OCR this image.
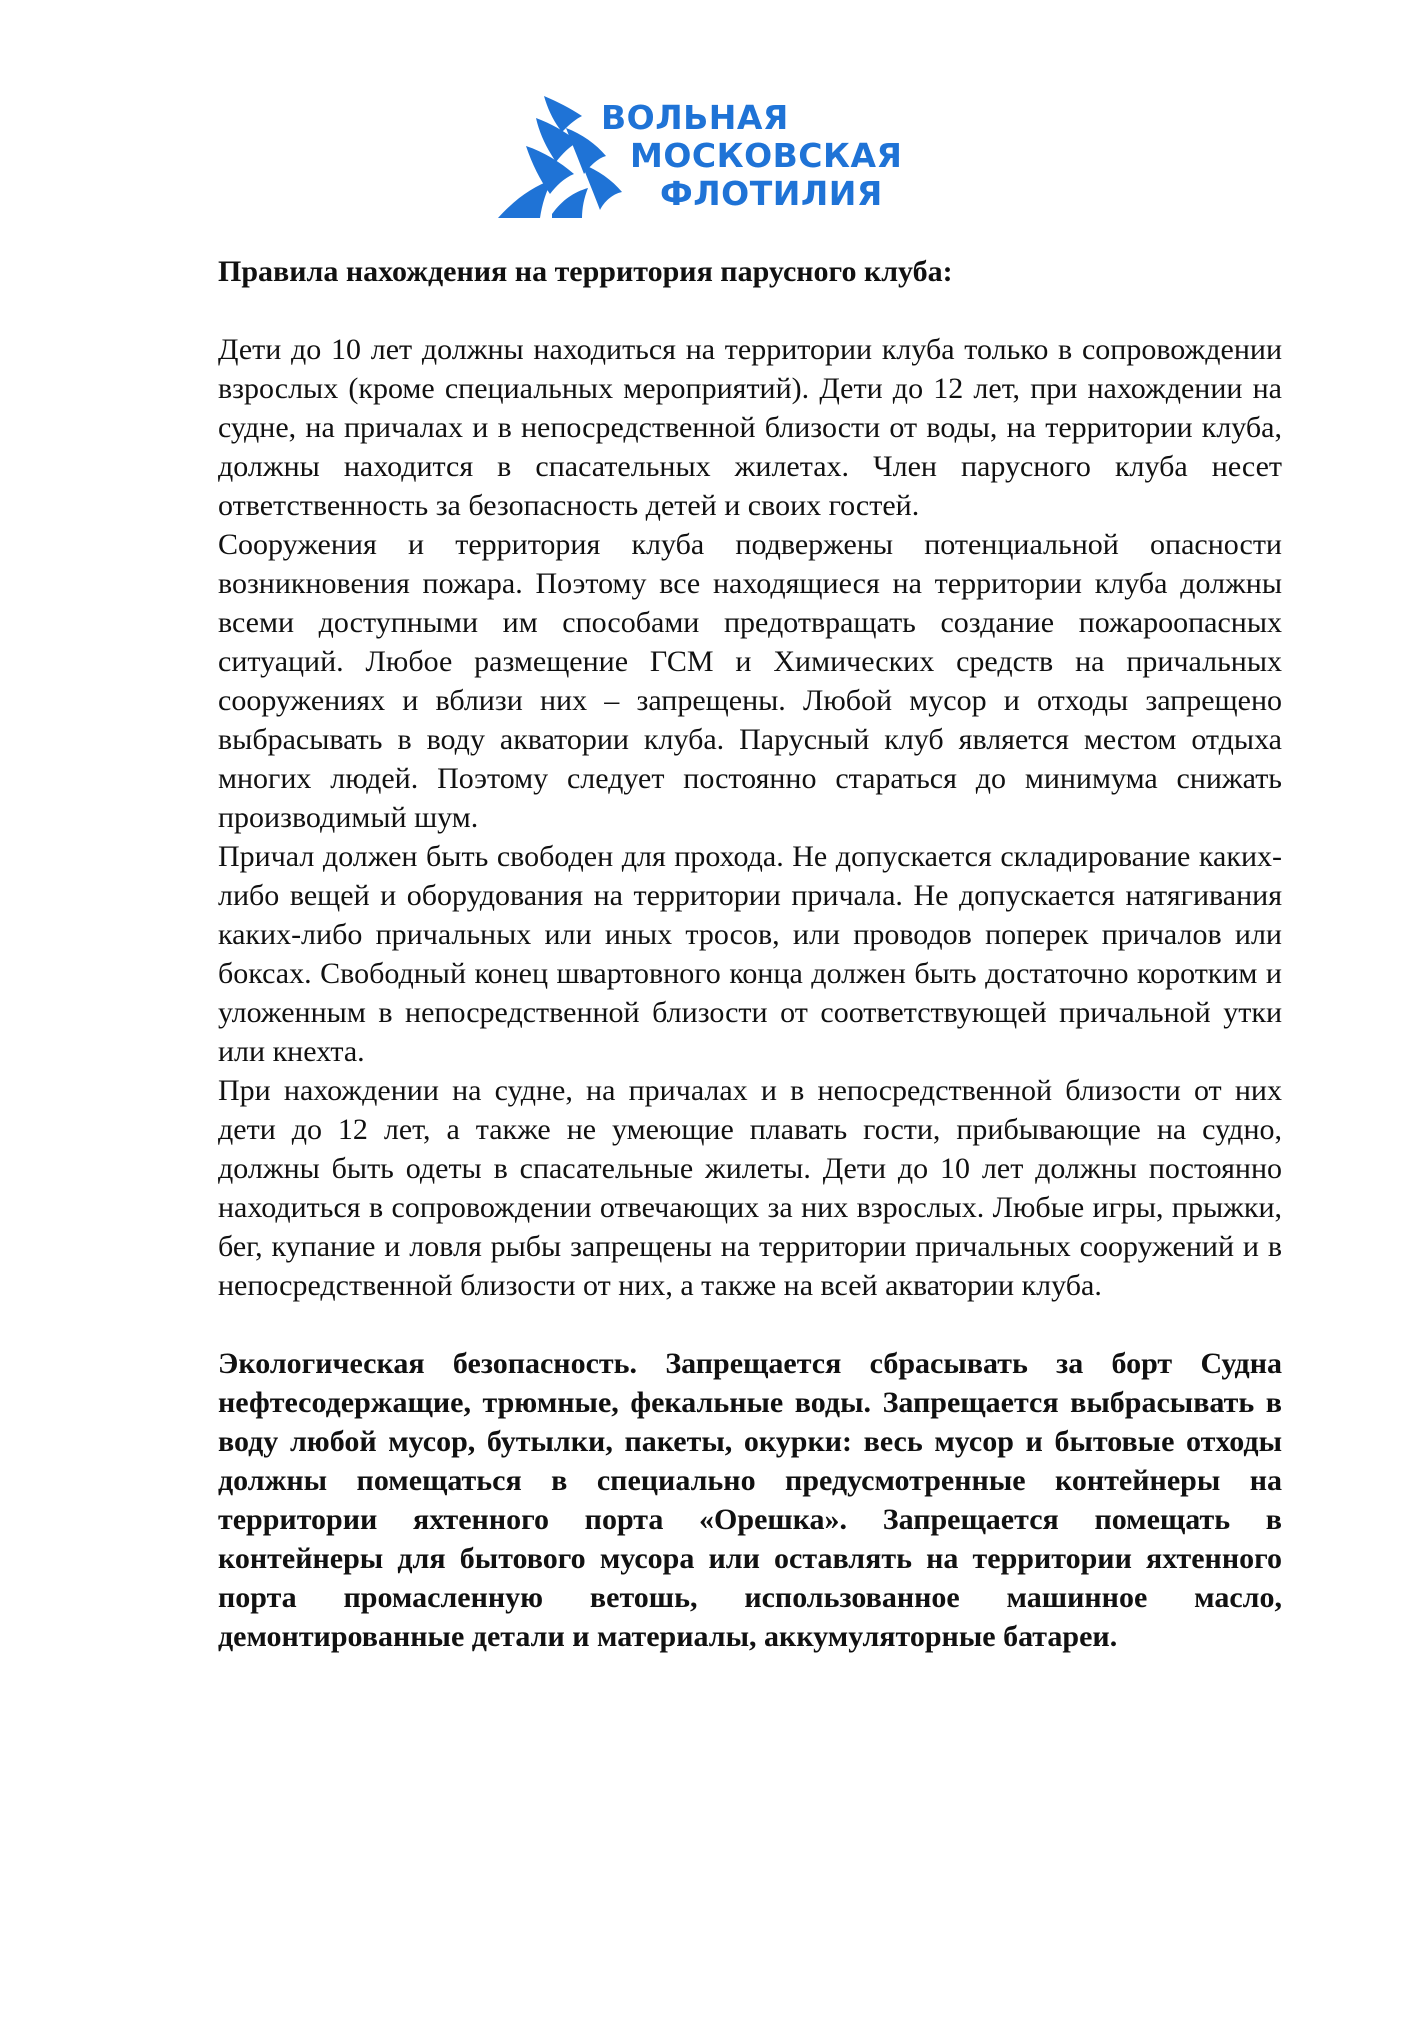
ВОЛЬНАЯ
МОСКОВСКАЯ
ФЛОТИЛИЯ

Правила нахождения на территория парусного клуба:

Дети до 10 лет должны находиться на территории клуба только в сопровождении взрослых (кроме специальных мероприятий). Дети до 12 лет, при нахождении на судне, на причалах и в непосредственной близости от воды, на территории клуба, должны находится в спасательных жилетах. Член парусного клуба несет ответственность за безопасность детей и своих гостей.

Сооружения и территория клуба подвержены потенциальной опасности возникновения пожара. Поэтому все находящиеся на территории клуба должны всеми доступными им способами предотвращать создание пожароопасных ситуаций. Любое размещение ГСМ и Химических средств на причальных сооружениях и вблизи них – запрещены. Любой мусор и отходы запрещено выбрасывать в воду акватории клуба. Парусный клуб является местом отдыха многих людей. Поэтому следует постоянно стараться до минимума снижать производимый шум.

Причал должен быть свободен для прохода. Не допускается складирование каких-либо вещей и оборудования на территории причала. Не допускается натягивания каких-либо причальных или иных тросов, или проводов поперек причалов или боксах. Свободный конец швартовного конца должен быть достаточно коротким и уложенным в непосредственной близости от соответствующей причальной утки или кнехта.

При нахождении на судне, на причалах и в непосредственной близости от них дети до 12 лет, а также не умеющие плавать гости, прибывающие на судно, должны быть одеты в спасательные жилеты. Дети до 10 лет должны постоянно находиться в сопровождении отвечающих за них взрослых. Любые игры, прыжки, бег, купание и ловля рыбы запрещены на территории причальных сооружений и в непосредственной близости от них, а также на всей акватории клуба.

Экологическая безопасность. Запрещается сбрасывать за борт Судна нефтесодержащие, трюмные, фекальные воды. Запрещается выбрасывать в воду любой мусор, бутылки, пакеты, окурки: весь мусор и бытовые отходы должны помещаться в специально предусмотренные контейнеры на территории яхтенного порта «Орешка». Запрещается помещать в контейнеры для бытового мусора или оставлять на территории яхтенного порта промасленную ветошь, использованное машинное масло, демонтированные детали и материалы, аккумуляторные батареи.
